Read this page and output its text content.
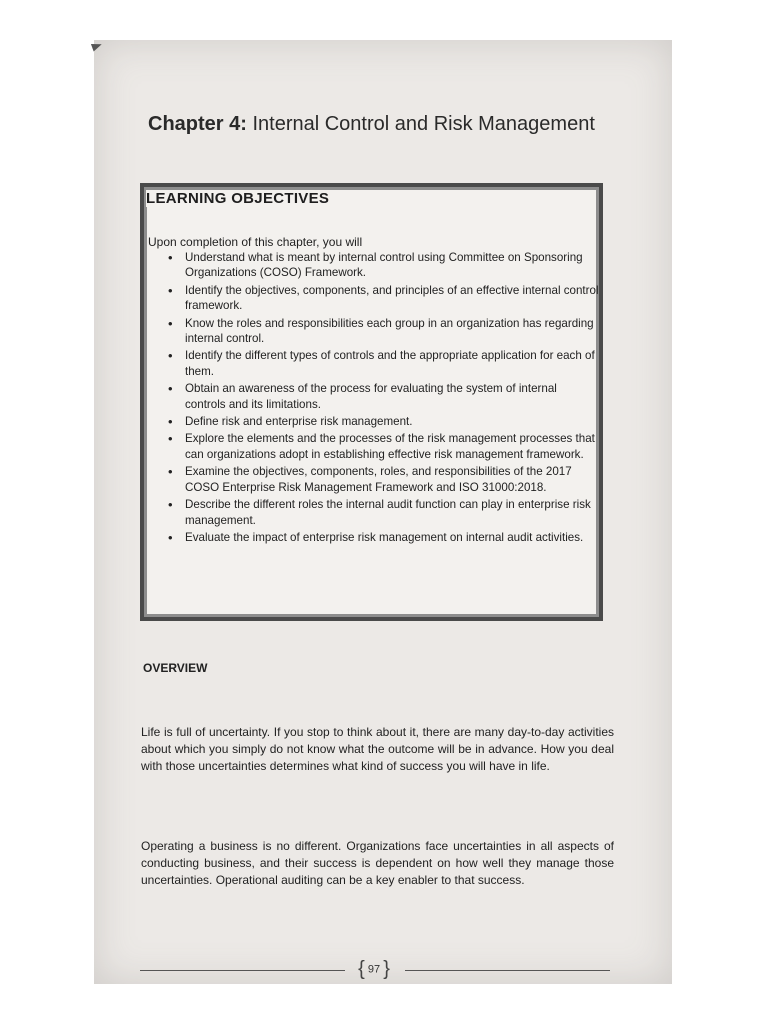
Chapter 4: Internal Control and Risk Management
LEARNING OBJECTIVES
Upon completion of this chapter, you will
• Understand what is meant by internal control using Committee on Sponsoring Organizations (COSO) Framework.
• Identify the objectives, components, and principles of an effective internal control framework.
• Know the roles and responsibilities each group in an organization has regarding internal control.
• Identify the different types of controls and the appropriate application for each of them.
• Obtain an awareness of the process for evaluating the system of internal controls and its limitations.
• Define risk and enterprise risk management.
• Explore the elements and the processes of the risk management processes that can organizations adopt in establishing effective risk management framework.
• Examine the objectives, components, roles, and responsibilities of the 2017 COSO Enterprise Risk Management Framework and ISO 31000:2018.
• Describe the different roles the internal audit function can play in enterprise risk management.
• Evaluate the impact of enterprise risk management on internal audit activities.
OVERVIEW

Life is full of uncertainty. If you stop to think about it, there are many day-to-day activities about which you simply do not know what the outcome will be in advance. How you deal with those uncertainties determines what kind of success you will have in life.

Operating a business is no different. Organizations face uncertainties in all aspects of conducting business, and their success is dependent on how well they manage those uncertainties. Operational auditing can be a key enabler to that success.

{ 97 }
